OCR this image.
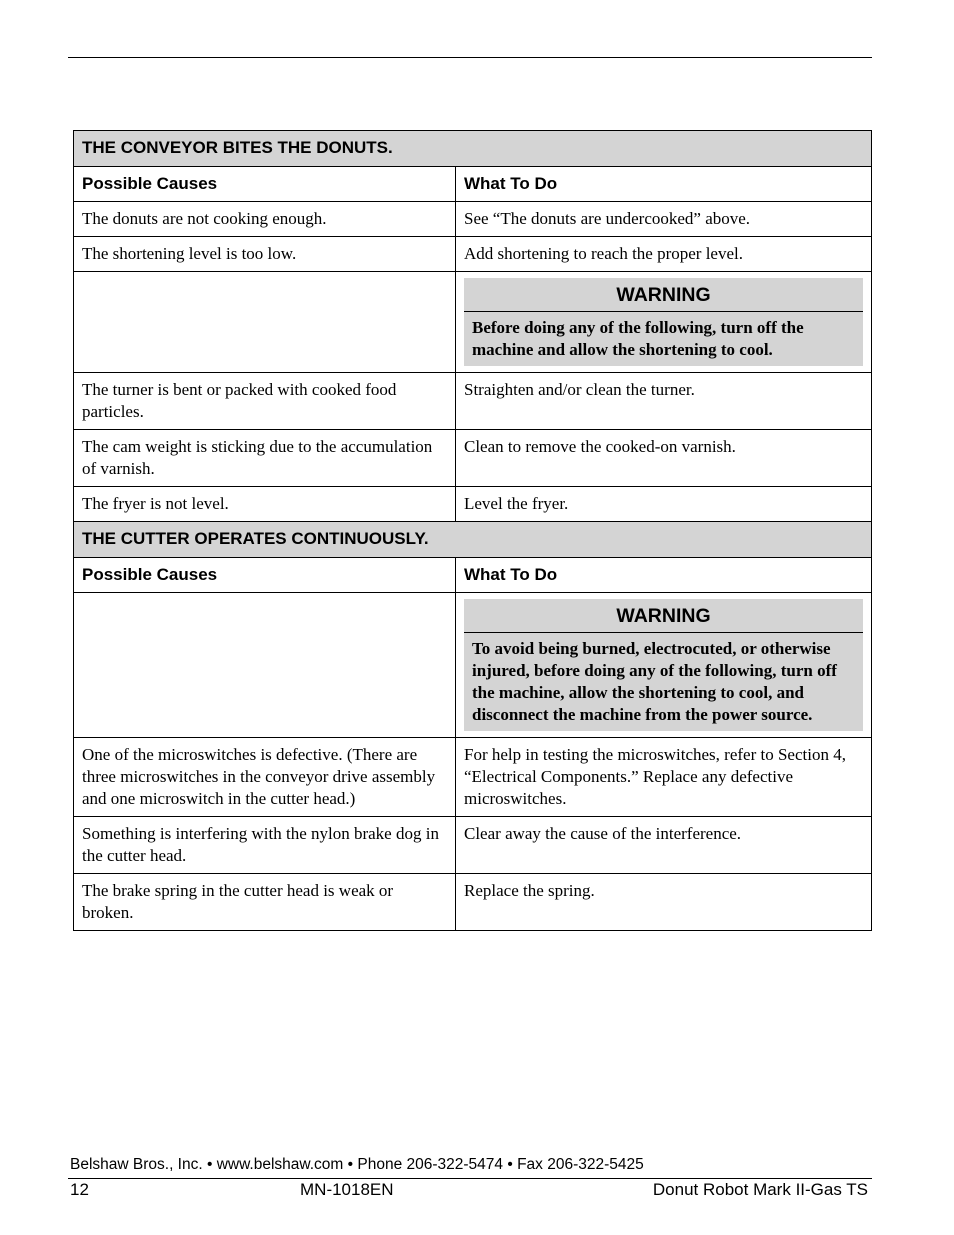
THE CONVEYOR BITES THE DONUTS.	
Possible Causes	What To Do
The donuts are not cooking enough.	See “The donuts are undercooked” above.
The shortening level is too low.	Add shortening to reach the proper level.

	WARNING
Before doing any of the following, turn off the machine and allow the shortening to cool.

The turner is bent or packed with cooked food particles.	Straighten and/or clean the turner.
The cam weight is sticking due to the accumulation of varnish.	Clean to remove the cooked-on varnish.
The fryer is not level.	Level the fryer.
THE CUTTER OPERATES CONTINUOUSLY.	
Possible Causes	What To Do

	WARNING
To avoid being burned, electrocuted, or otherwise injured, before doing any of the following, turn off the machine, allow the shortening to cool, and disconnect the machine from the power source.

One of the microswitches is defective. (There are three microswitches in the conveyor drive assembly and one microswitch in the cutter head.)	For help in testing the microswitches, refer to Section 4, “Electrical Components.” Replace any defective microswitches.
Something is interfering with the nylon brake dog in the cutter head.	Clear away the cause of the interference.
The brake spring in the cutter head is weak or broken.	Replace the spring.
Belshaw Bros., Inc. • www.belshaw.com • Phone 206-322-5474 • Fax 206-322-5425
12	MN-1018EN	Donut Robot Mark II-Gas TS
